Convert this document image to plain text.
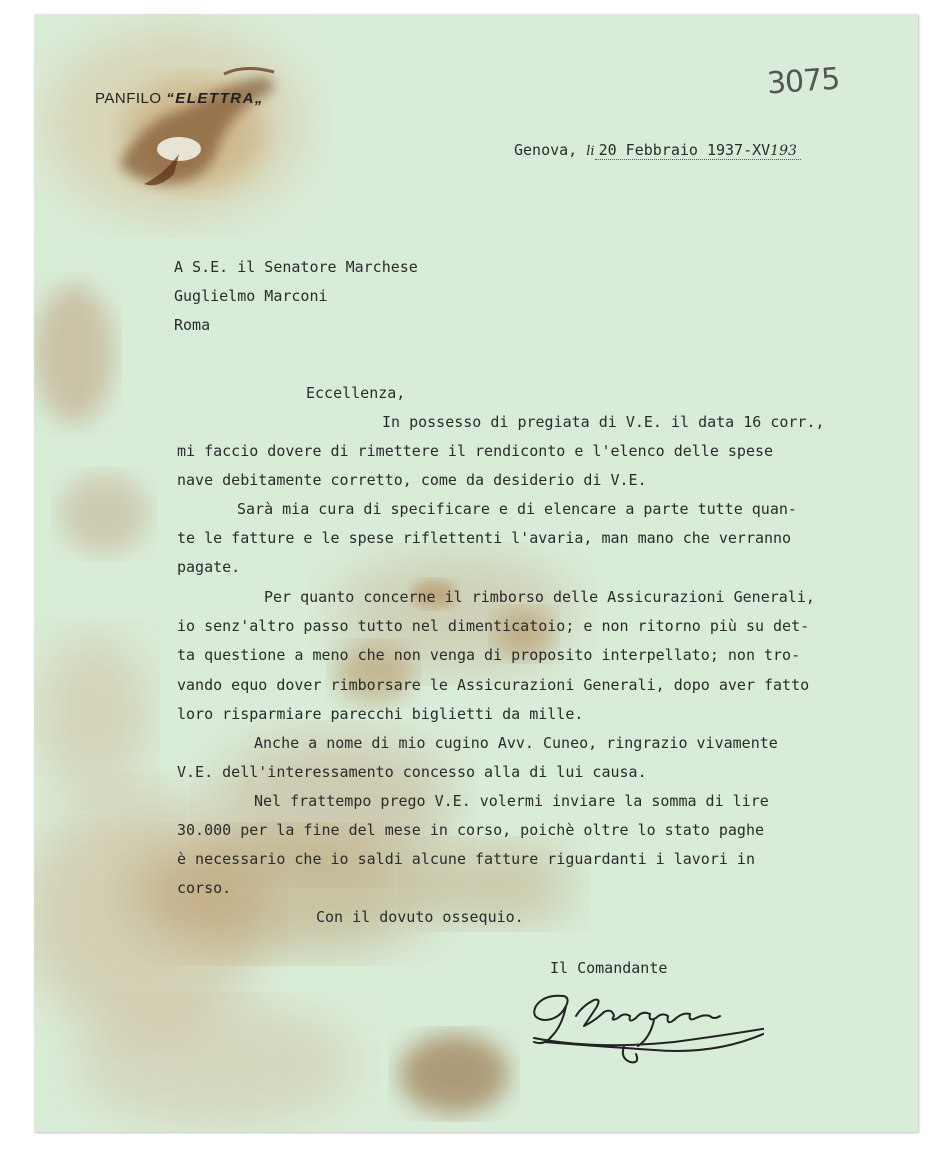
PANFILO “ELETTRA„	3075
Genova, li 20 Febbraio 1937-XV193
A S.E. il Senatore Marchese
Guglielmo Marconi
Roma
Eccellenza,
In possesso di pregiata di V.E. il data 16 corr.,
mi faccio dovere di rimettere il rendiconto e l'elenco delle spese
nave debitamente corretto, come da desiderio di V.E.
Sarà mia cura di specificare e di elencare a parte tutte quan-
te le fatture e le spese riflettenti l'avaria, man mano che verranno
pagate.
Per quanto concerne il rimborso delle Assicurazioni Generali,
io senz'altro passo tutto nel dimenticatoio; e non ritorno più su det-
ta questione a meno che non venga di proposito interpellato; non tro-
vando equo dover rimborsare le Assicurazioni Generali, dopo aver fatto
loro risparmiare parecchi biglietti da mille.
Anche a nome di mio cugino Avv. Cuneo, ringrazio vivamente
V.E. dell'interessamento concesso alla di lui causa.
Nel frattempo prego V.E. volermi inviare la somma di lire
30.000 per la fine del mese in corso, poichè oltre lo stato paghe
è necessario che io saldi alcune fatture riguardanti i lavori in
corso.
Con il dovuto ossequio.
Il Comandante
